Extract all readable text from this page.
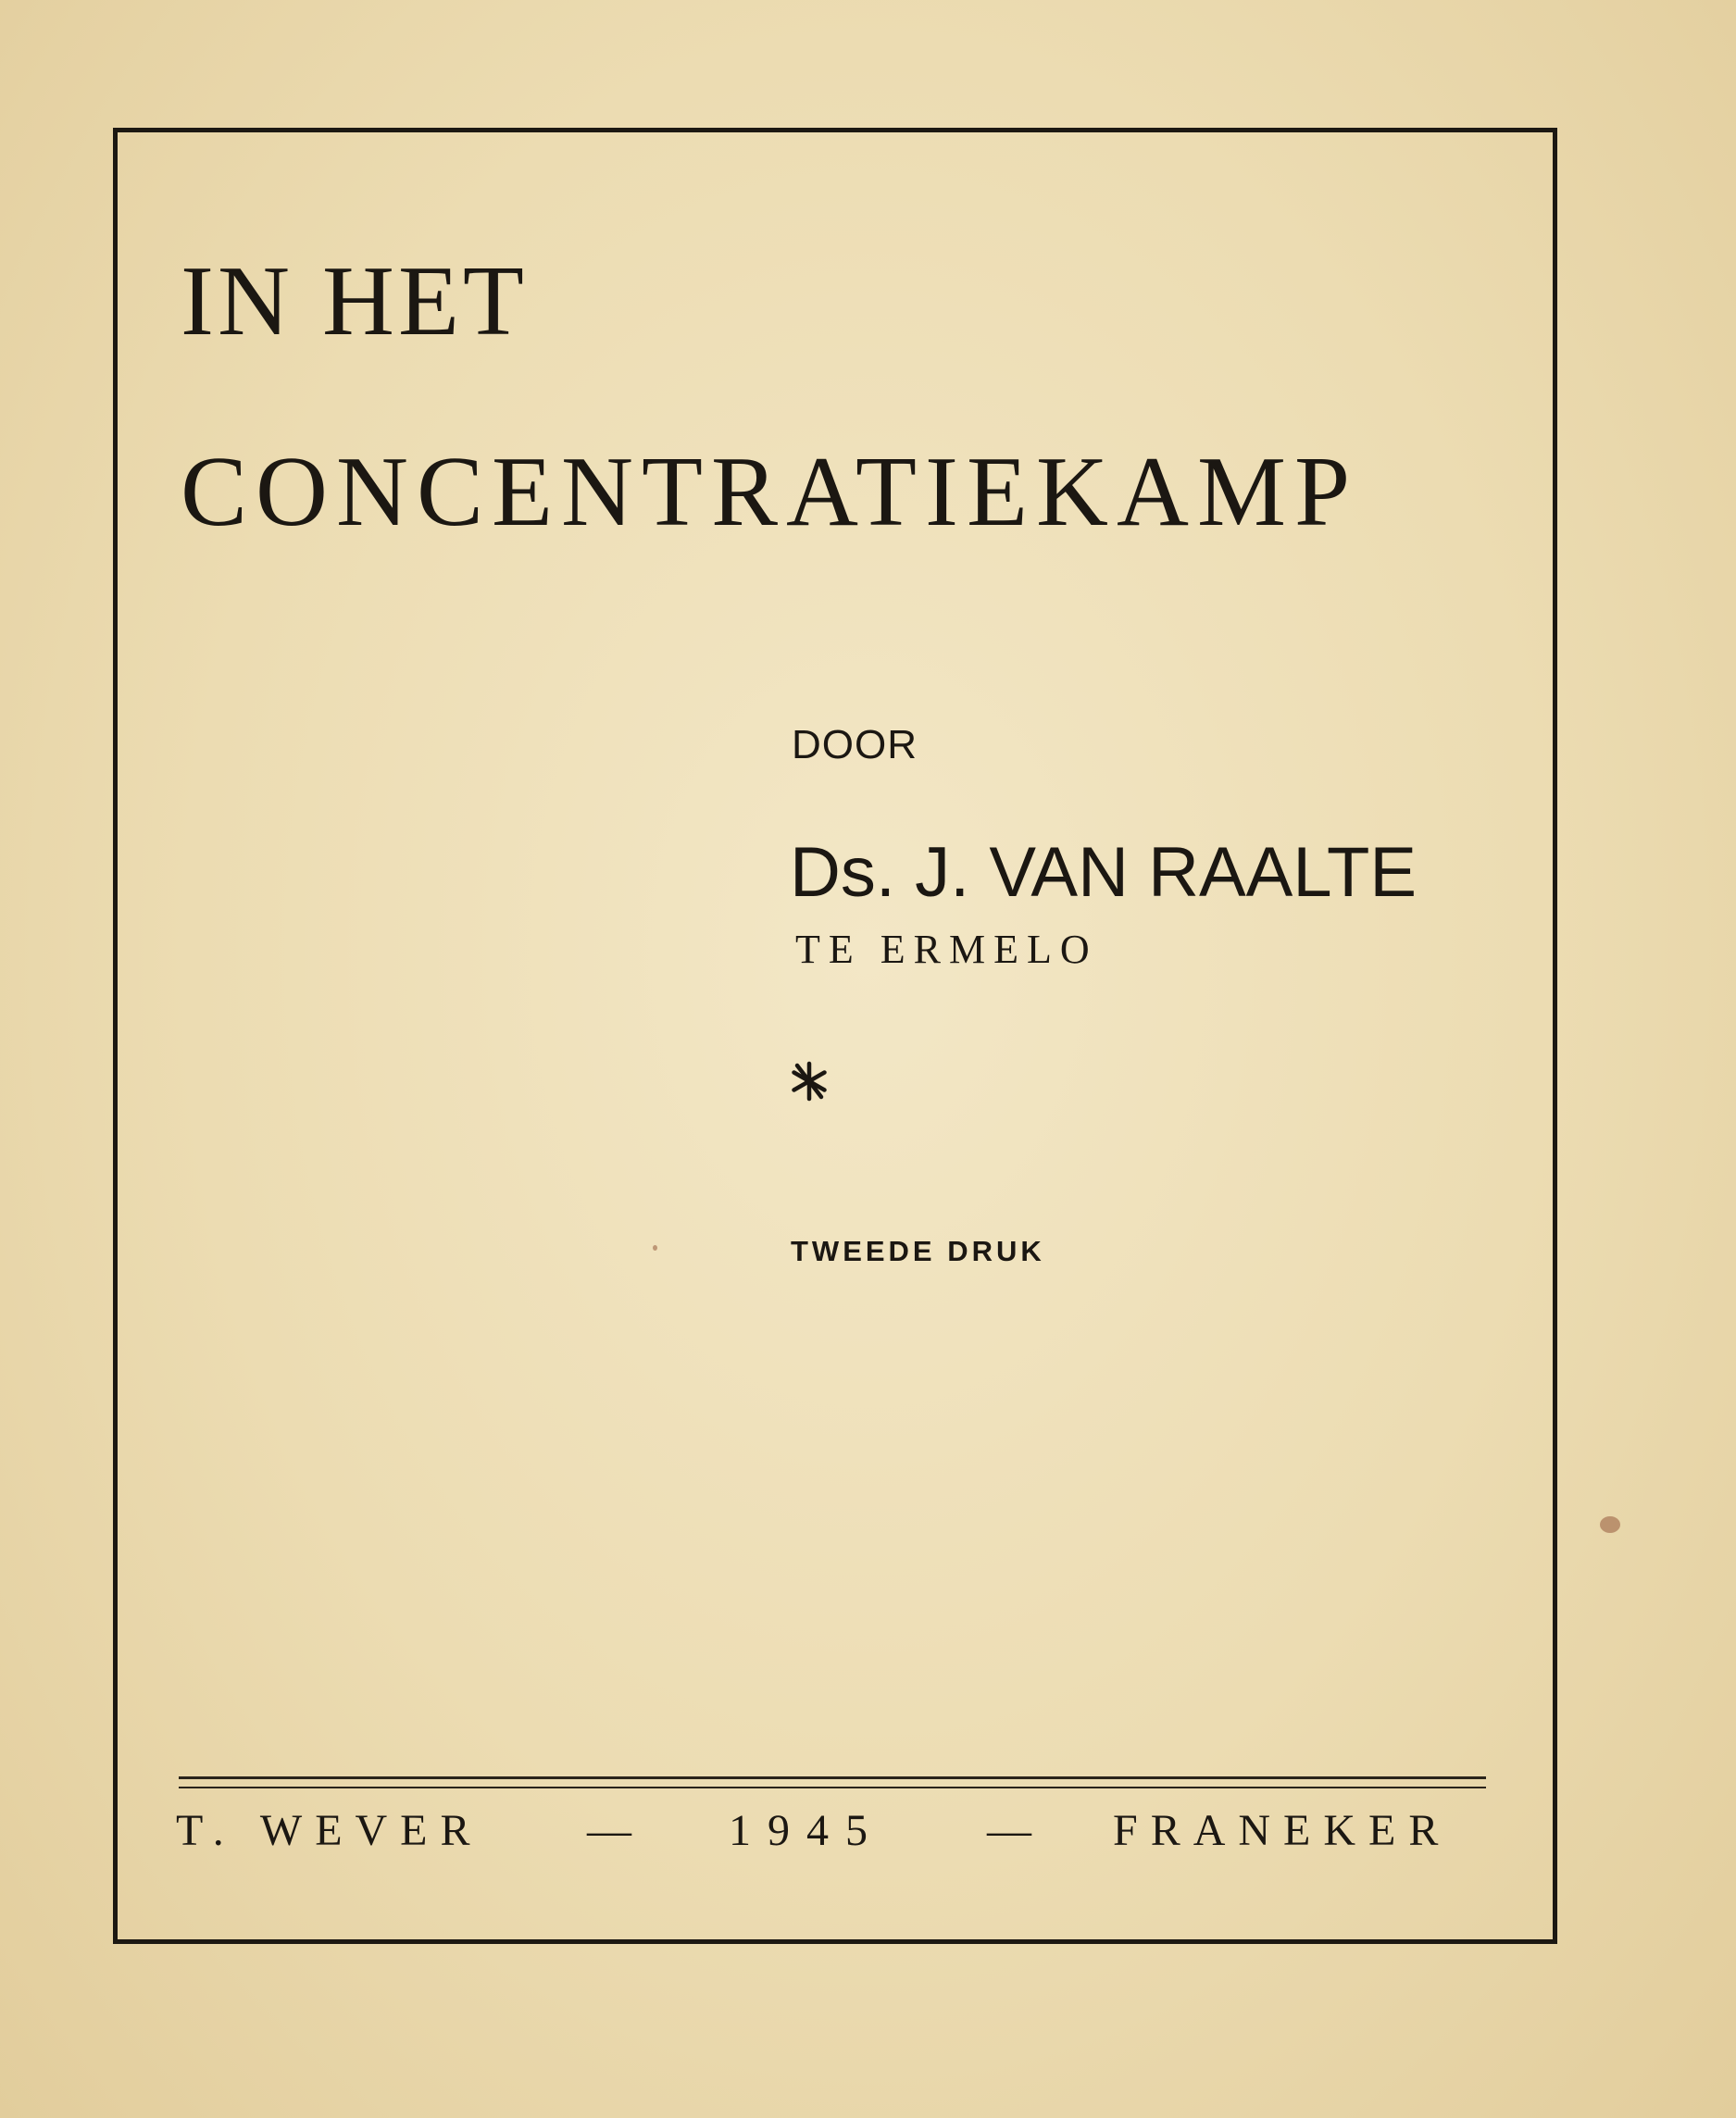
IN HET
CONCENTRATIEKAMP
DOOR
Ds. J. VAN RAALTE
TE ERMELO
TWEEDE DRUK
T. WEVER — 1945 — FRANEKER
